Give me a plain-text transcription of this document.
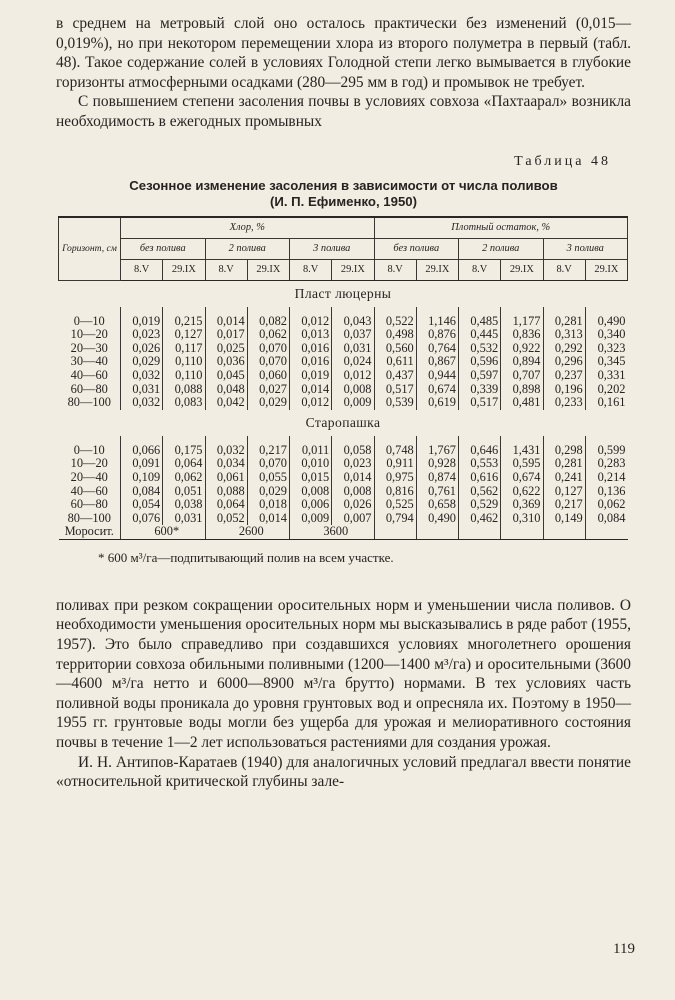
в среднем на метровый слой оно осталось практически без изменений (0,015—0,019%), но при некотором перемещении хлора из второго полуметра в первый (табл. 48). Такое содержание солей в условиях Голодной степи легко вымывается в глубокие горизонты атмосферными осадками (280—295 мм в год) и промывок не требует.

С повышением степени засоления почвы в условиях совхоза «Пахтаарал» возникла необходимость в ежегодных промывных

Таблица 48

Сезонное изменение засоления в зависимости от числа поливов
(И. П. Ефименко, 1950)

Горизонт, см	Хлор, %						Плотный остаток, %					
	без полива		2 полива		3 полива		без полива		2 полива		3 полива	
	8.V	29.IX	8.V	29.IX	8.V	29.IX	8.V	29.IX	8.V	29.IX	8.V	29.IX
Пласт люцерны												

0—10	0,019	0,215	0,014	0,082	0,012	0,043	0,522	1,146	0,485	1,177	0,281	0,490
10—20	0,023	0,127	0,017	0,062	0,013	0,037	0,498	0,876	0,445	0,836	0,313	0,340
20—30	0,026	0,117	0,025	0,070	0,016	0,031	0,560	0,764	0,532	0,922	0,292	0,323
30—40	0,029	0,110	0,036	0,070	0,016	0,024	0,611	0,867	0,596	0,894	0,296	0,345
40—60	0,032	0,110	0,045	0,060	0,019	0,012	0,437	0,944	0,597	0,707	0,237	0,331
60—80	0,031	0,088	0,048	0,027	0,014	0,008	0,517	0,674	0,339	0,898	0,196	0,202
80—100	0,032	0,083	0,042	0,029	0,012	0,009	0,539	0,619	0,517	0,481	0,233	0,161
Старопашка												

0—10	0,066	0,175	0,032	0,217	0,011	0,058	0,748	1,767	0,646	1,431	0,298	0,599
10—20	0,091	0,064	0,034	0,070	0,010	0,023	0,911	0,928	0,553	0,595	0,281	0,283
20—40	0,109	0,062	0,061	0,055	0,015	0,014	0,975	0,874	0,616	0,674	0,241	0,214
40—60	0,084	0,051	0,088	0,029	0,008	0,008	0,816	0,761	0,562	0,622	0,127	0,136
60—80	0,054	0,038	0,064	0,018	0,006	0,026	0,525	0,658	0,529	0,369	0,217	0,062
80—100	0,076	0,031	0,052	0,014	0,009	0,007	0,794	0,490	0,462	0,310	0,149	0,084
Моросит.	600*		2600		3600							
* 600 м³/га—подпитывающий полив на всем участке.

поливах при резком сокращении оросительных норм и уменьшении числа поливов. О необходимости уменьшения оросительных норм мы высказывались в ряде работ (1955, 1957). Это было справедливо при создавшихся условиях многолетнего орошения территории совхоза обильными поливными (1200—1400 м³/га) и оросительными (3600—4600 м³/га нетто и 6000—8900 м³/га брутто) нормами. В тех условиях часть поливной воды проникала до уровня грунтовых вод и опресняла их. Поэтому в 1950—1955 гг. грунтовые воды могли без ущерба для урожая и мелиоративного состояния почвы в течение 1—2 лет использоваться растениями для создания урожая.

И. Н. Антипов-Каратаев (1940) для аналогичных условий предлагал ввести понятие «относительной критической глубины зале-

119
